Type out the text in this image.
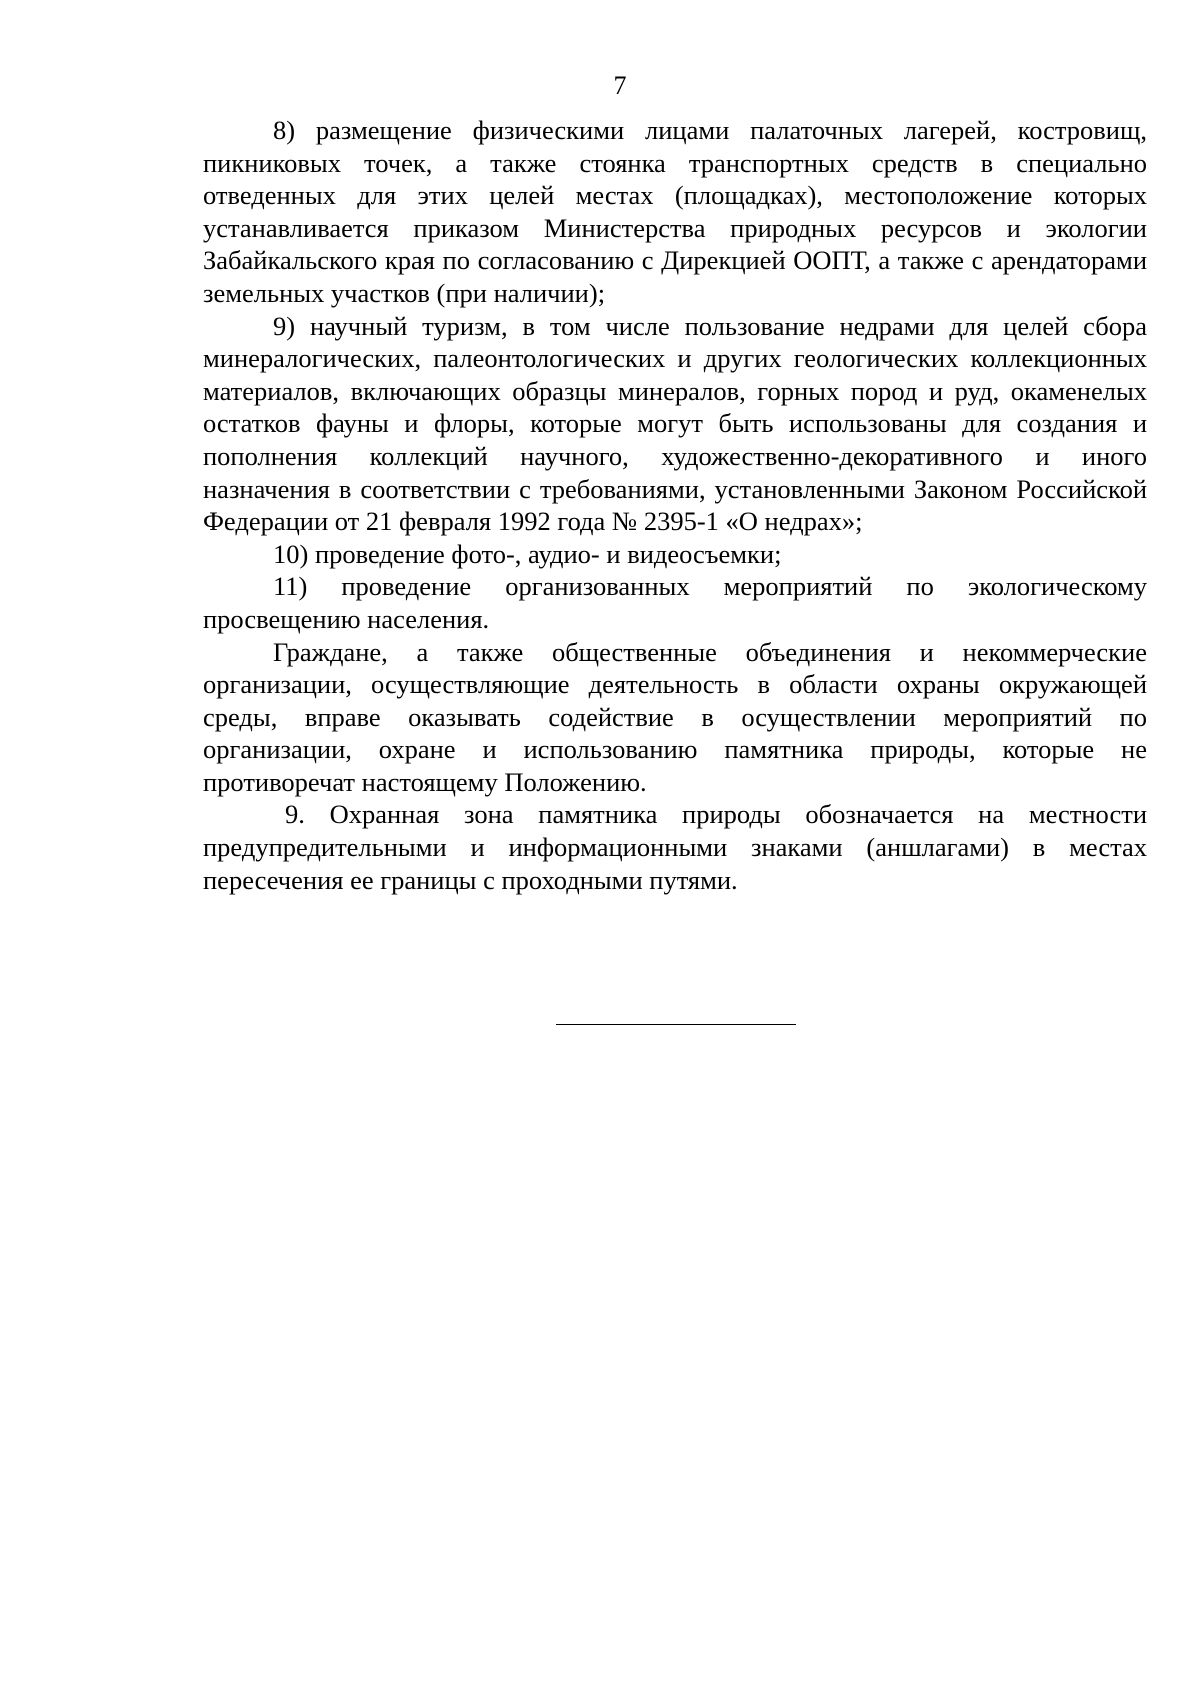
7

8) размещение физическими лицами палаточных лагерей, костровищ, пикниковых точек, а также стоянка транспортных средств в специально отведенных для этих целей местах (площадках), местоположение которых устанавливается приказом Министерства природных ресурсов и экологии Забайкальского края по согласованию с Дирекцией ООПТ, а также с арендаторами земельных участков (при наличии);

9) научный туризм, в том числе пользование недрами для целей сбора минералогических, палеонтологических и других геологических коллекционных материалов, включающих образцы минералов, горных пород и руд, окаменелых остатков фауны и флоры, которые могут быть использованы для создания и пополнения коллекций научного, художественно-декоративного и иного назначения в соответствии с требованиями, установленными Законом Российской Федерации от 21 февраля 1992 года № 2395-1 «О недрах»;

10) проведение фото-, аудио- и видеосъемки;

11) проведение организованных мероприятий по экологическому просвещению населения.

Граждане, а также общественные объединения и некоммерческие организации, осуществляющие деятельность в области охраны окружающей среды, вправе оказывать содействие в осуществлении мероприятий по организации, охране и использованию памятника природы, которые не противоречат настоящему Положению.

9. Охранная зона памятника природы обозначается на местности предупредительными и информационными знаками (аншлагами) в местах пересечения ее границы с проходными путями.
